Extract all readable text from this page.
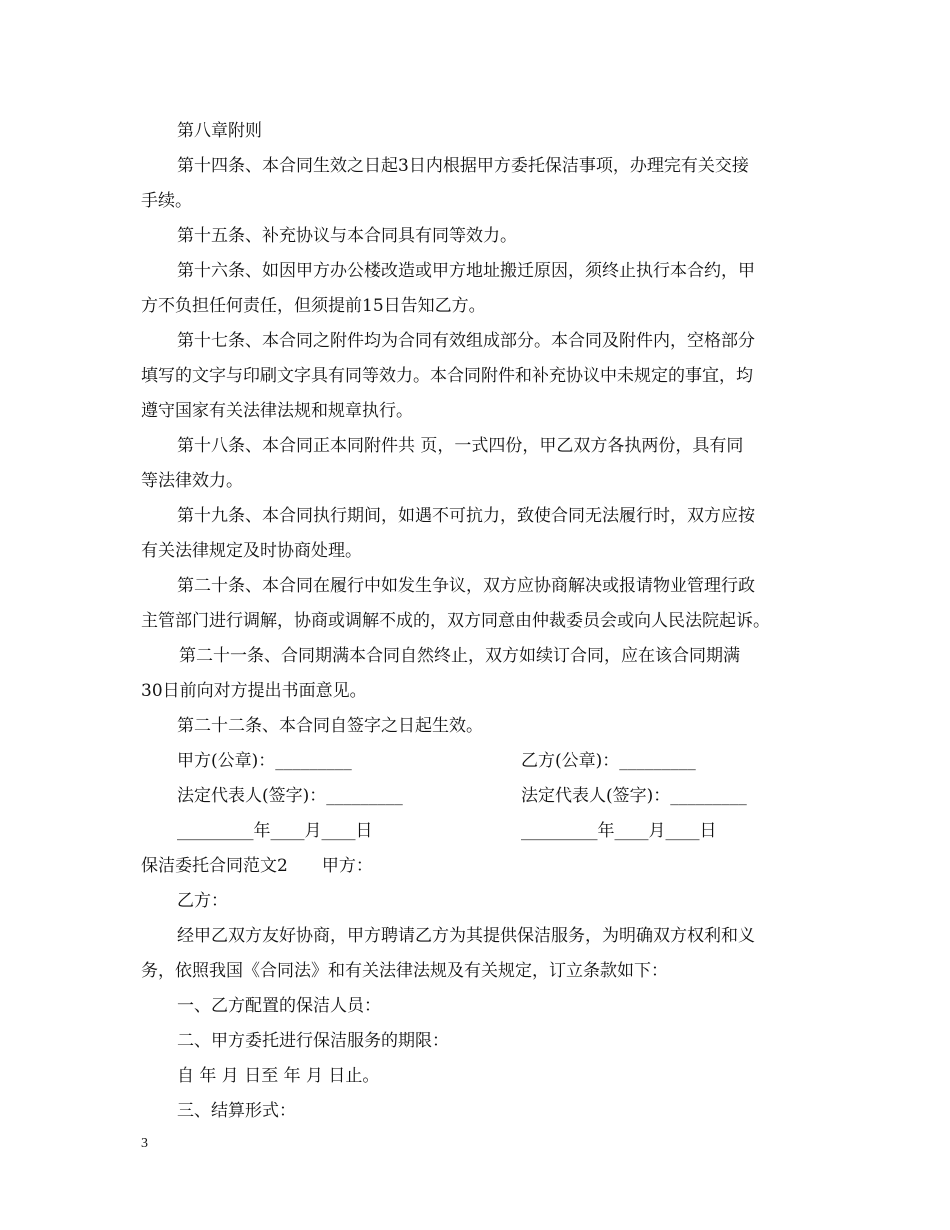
第八章附则
第十四条、本合同生效之日起3日内根据甲方委托保洁事项，办理完有关交接
手续。
第十五条、补充协议与本合同具有同等效力。
第十六条、如因甲方办公楼改造或甲方地址搬迁原因，须终止执行本合约，甲
方不负担任何责任，但须提前15日告知乙方。
第十七条、本合同之附件均为合同有效组成部分。本合同及附件内，空格部分
填写的文字与印刷文字具有同等效力。本合同附件和补充协议中未规定的事宜，均
遵守国家有关法律法规和规章执行。
第十八条、本合同正本同附件共 页，一式四份，甲乙双方各执两份，具有同
等法律效力。
第十九条、本合同执行期间，如遇不可抗力，致使合同无法履行时，双方应按
有关法律规定及时协商处理。
第二十条、本合同在履行中如发生争议，双方应协商解决或报请物业管理行政
主管部门进行调解，协商或调解不成的，双方同意由仲裁委员会或向人民法院起诉。
第二十一条、合同期满本合同自然终止，双方如续订合同，应在该合同期满
30日前向对方提出书面意见。
第二十二条、本合同自签字之日起生效。
甲方(公章)：_________	乙方(公章)：_________
法定代表人(签字)：_________	法定代表人(签字)：_________
_________年____月____日	_________年____月____日
保洁委托合同范文2　　甲方：
乙方：
经甲乙双方友好协商，甲方聘请乙方为其提供保洁服务，为明确双方权利和义
务，依照我国《合同法》和有关法律法规及有关规定，订立条款如下：
一、乙方配置的保洁人员：
二、甲方委托进行保洁服务的期限：
自 年 月 日至 年 月 日止。
三、结算形式：
3
